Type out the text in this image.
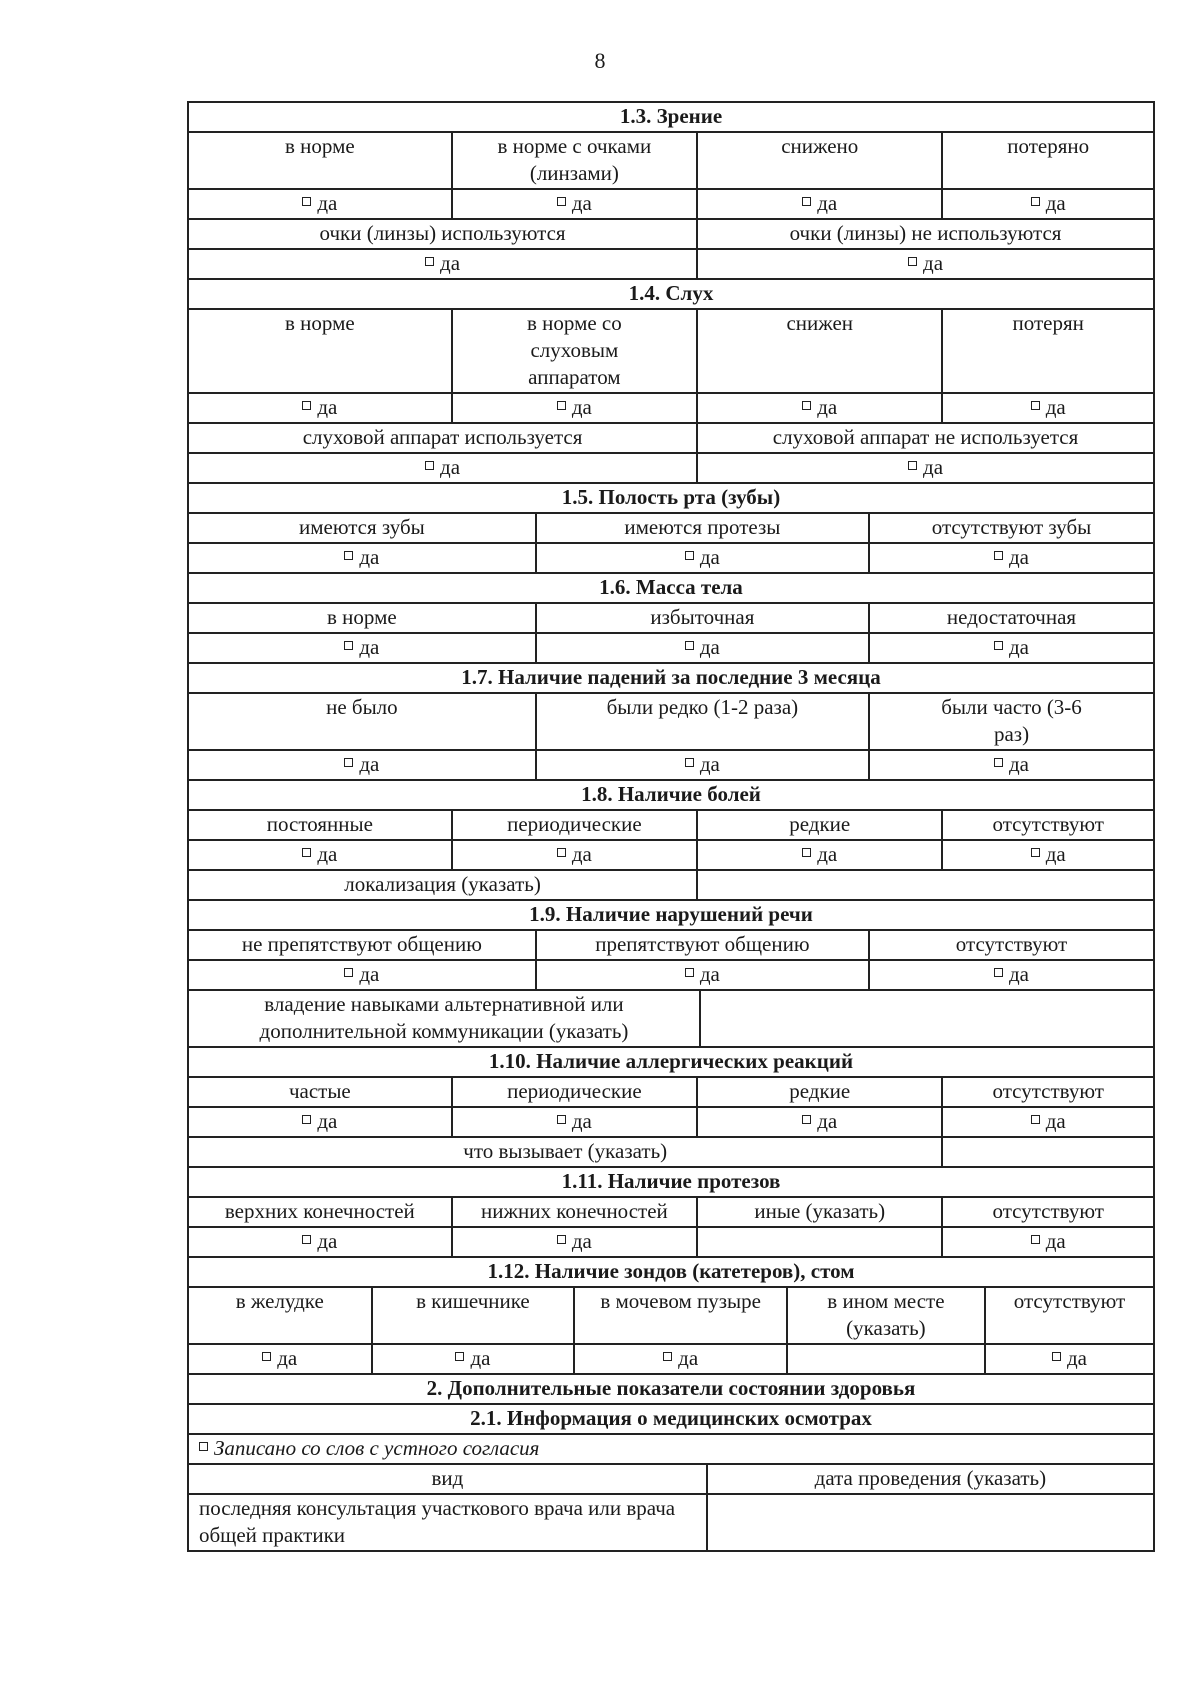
8
1.3. Зрение			
в норме	в норме с очками (линзами)	снижено	потеряно
да	да	да	да
очки (линзы) используются	очки (линзы) не используются
да	да
1.4. Слух			
в норме	в норме со слуховым аппаратом	снижен	потерян
да	да	да	да
слуховой аппарат используется	слуховой аппарат не используется
да	да
1.5. Полость рта (зубы)		
имеются зубы	имеются протезы	отсутствуют зубы
да	да	да
1.6. Масса тела		
в норме	избыточная	недостаточная
да	да	да
1.7. Наличие падений за последние 3 месяца		
не было	были редко (1-2 раза)	были часто (3-6 раз)
да	да	да
1.8. Наличие болей			
постоянные	периодические	редкие	отсутствуют
да	да	да	да
локализация (указать)			
1.9. Наличие нарушений речи		
не препятствуют общению	препятствуют общению	отсутствуют
да	да	да
владение навыками альтернативной или дополнительной коммуникации (указать)	
1.10. Наличие аллергических реакций			
частые	периодические	редкие	отсутствуют
да	да	да	да
что вызывает (указать)			
1.11. Наличие протезов			
верхних конечностей	нижних конечностей	иные (указать)	отсутствуют
да	да		да
1.12. Наличие зондов (катетеров), стом				
в желудке	в кишечнике	в мочевом пузыре	в ином месте (указать)	отсутствуют
да	да	да		да
2. Дополнительные показатели состоянии здоровья	
2.1. Информация о медицинских осмотрах	
Записано со слов с устного согласия	
вид	дата проведения (указать)
последняя консультация участкового врача или врача общей практики	
